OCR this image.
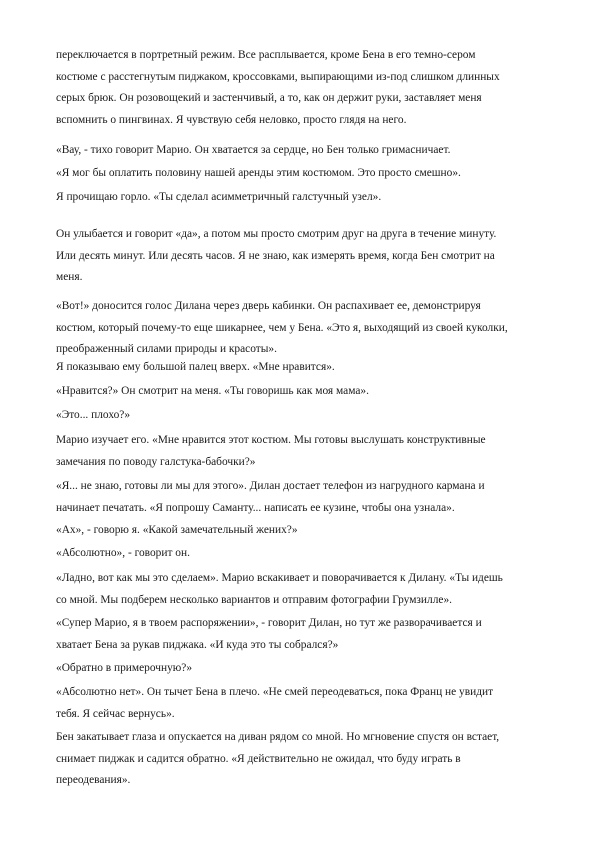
переключается в портретный режим. Все расплывается, кроме Бена в его темно-сером
костюме с расстегнутым пиджаком, кроссовками, выпирающими из-под слишком длинных
серых брюк. Он розовощекий и застенчивый, а то, как он держит руки, заставляет меня
вспомнить о пингвинах. Я чувствую себя неловко, просто глядя на него.
«Вау, - тихо говорит Марио. Он хватается за сердце, но Бен только гримасничает.
«Я мог бы оплатить половину нашей аренды этим костюмом. Это просто смешно».
Я прочищаю горло. «Ты сделал асимметричный галстучный узел».
Он улыбается и говорит «да», а потом мы просто смотрим друг на друга в течение минуту.
Или десять минут. Или десять часов. Я не знаю, как измерять время, когда Бен смотрит на
меня.
«Вот!» доносится голос Дилана через дверь кабинки. Он распахивает ее, демонстрируя
костюм, который почему-то еще шикарнее, чем у Бена. «Это я, выходящий из своей куколки,
преображенный силами природы и красоты».
Я показываю ему большой палец вверх. «Мне нравится».
«Нравится?» Он смотрит на меня. «Ты говоришь как моя мама».
«Это... плохо?»
Марио изучает его. «Мне нравится этот костюм. Мы готовы выслушать конструктивные
замечания по поводу галстука-бабочки?»
«Я... не знаю, готовы ли мы для этого». Дилан достает телефон из нагрудного кармана и
начинает печатать. «Я попрошу Саманту... написать ее кузине, чтобы она узнала».
«Ах», - говорю я. «Какой замечательный жених?»
«Абсолютно», - говорит он.
«Ладно, вот как мы это сделаем». Марио вскакивает и поворачивается к Дилану. «Ты идешь
со мной. Мы подберем несколько вариантов и отправим фотографии Грумзилле».
«Супер Марио, я в твоем распоряжении», - говорит Дилан, но тут же разворачивается и
хватает Бена за рукав пиджака. «И куда это ты собрался?»
«Обратно в примерочную?»
«Абсолютно нет». Он тычет Бена в плечо. «Не смей переодеваться, пока Франц не увидит
тебя. Я сейчас вернусь».
Бен закатывает глаза и опускается на диван рядом со мной. Но мгновение спустя он встает,
снимает пиджак и садится обратно. «Я действительно не ожидал, что буду играть в
переодевания».
